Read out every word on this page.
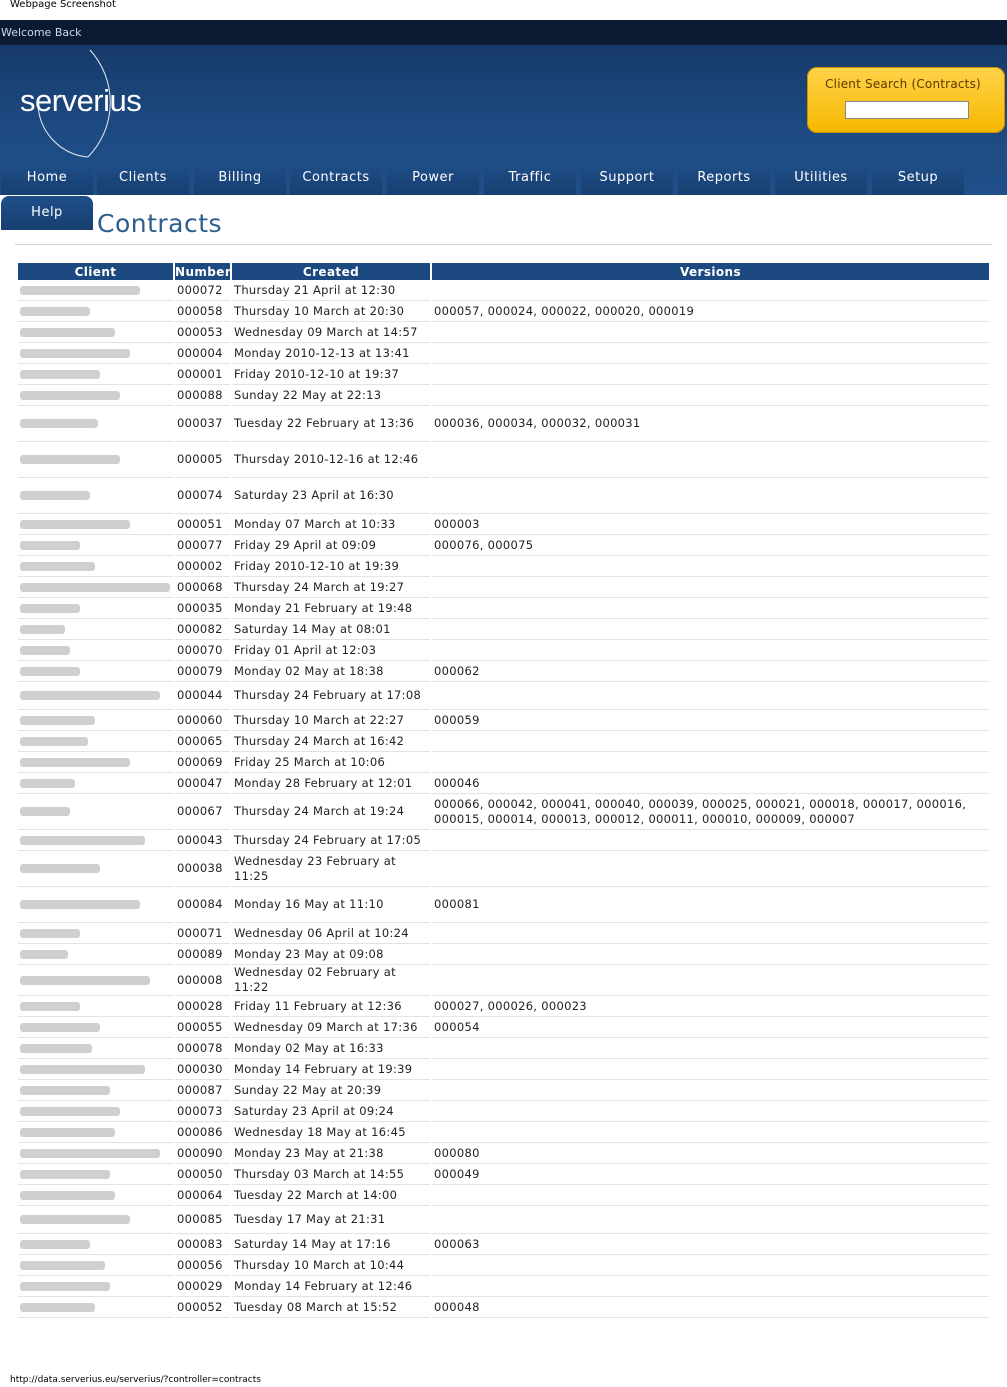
Webpage Screenshot
Welcome Back
serverius	Client Search (Contracts)
Home	Clients	Billing	Contracts	Power	Traffic	Support	Reports	Utilities	Setup
Help	Contracts
Client	Number	Created	Versions
	000072	Thursday 21 April at 12:30	
	000058	Thursday 10 March at 20:30	000057, 000024, 000022, 000020, 000019
	000053	Wednesday 09 March at 14:57	
	000004	Monday 2010-12-13 at 13:41	
	000001	Friday 2010-12-10 at 19:37	
	000088	Sunday 22 May at 22:13	
	000037	Tuesday 22 February at 13:36	000036, 000034, 000032, 000031
	000005	Thursday 2010-12-16 at 12:46	
	000074	Saturday 23 April at 16:30	
	000051	Monday 07 March at 10:33	000003
	000077	Friday 29 April at 09:09	000076, 000075
	000002	Friday 2010-12-10 at 19:39	
	000068	Thursday 24 March at 19:27	
	000035	Monday 21 February at 19:48	
	000082	Saturday 14 May at 08:01	
	000070	Friday 01 April at 12:03	
	000079	Monday 02 May at 18:38	000062
	000044	Thursday 24 February at 17:08	
	000060	Thursday 10 March at 22:27	000059
	000065	Thursday 24 March at 16:42	
	000069	Friday 25 March at 10:06	
	000047	Monday 28 February at 12:01	000046
	000067	Thursday 24 March at 19:24	000066, 000042, 000041, 000040, 000039, 000025, 000021, 000018, 000017, 000016, 000015, 000014, 000013, 000012, 000011, 000010, 000009, 000007
	000043	Thursday 24 February at 17:05	
	000038	Wednesday 23 February at 11:25	
	000084	Monday 16 May at 11:10	000081
	000071	Wednesday 06 April at 10:24	
	000089	Monday 23 May at 09:08	
	000008	Wednesday 02 February at 11:22	
	000028	Friday 11 February at 12:36	000027, 000026, 000023
	000055	Wednesday 09 March at 17:36	000054
	000078	Monday 02 May at 16:33	
	000030	Monday 14 February at 19:39	
	000087	Sunday 22 May at 20:39	
	000073	Saturday 23 April at 09:24	
	000086	Wednesday 18 May at 16:45	
	000090	Monday 23 May at 21:38	000080
	000050	Thursday 03 March at 14:55	000049
	000064	Tuesday 22 March at 14:00	
	000085	Tuesday 17 May at 21:31	
	000083	Saturday 14 May at 17:16	000063
	000056	Thursday 10 March at 10:44	
	000029	Monday 14 February at 12:46	
	000052	Tuesday 08 March at 15:52	000048
http://data.serverius.eu/serverius/?controller=contracts
